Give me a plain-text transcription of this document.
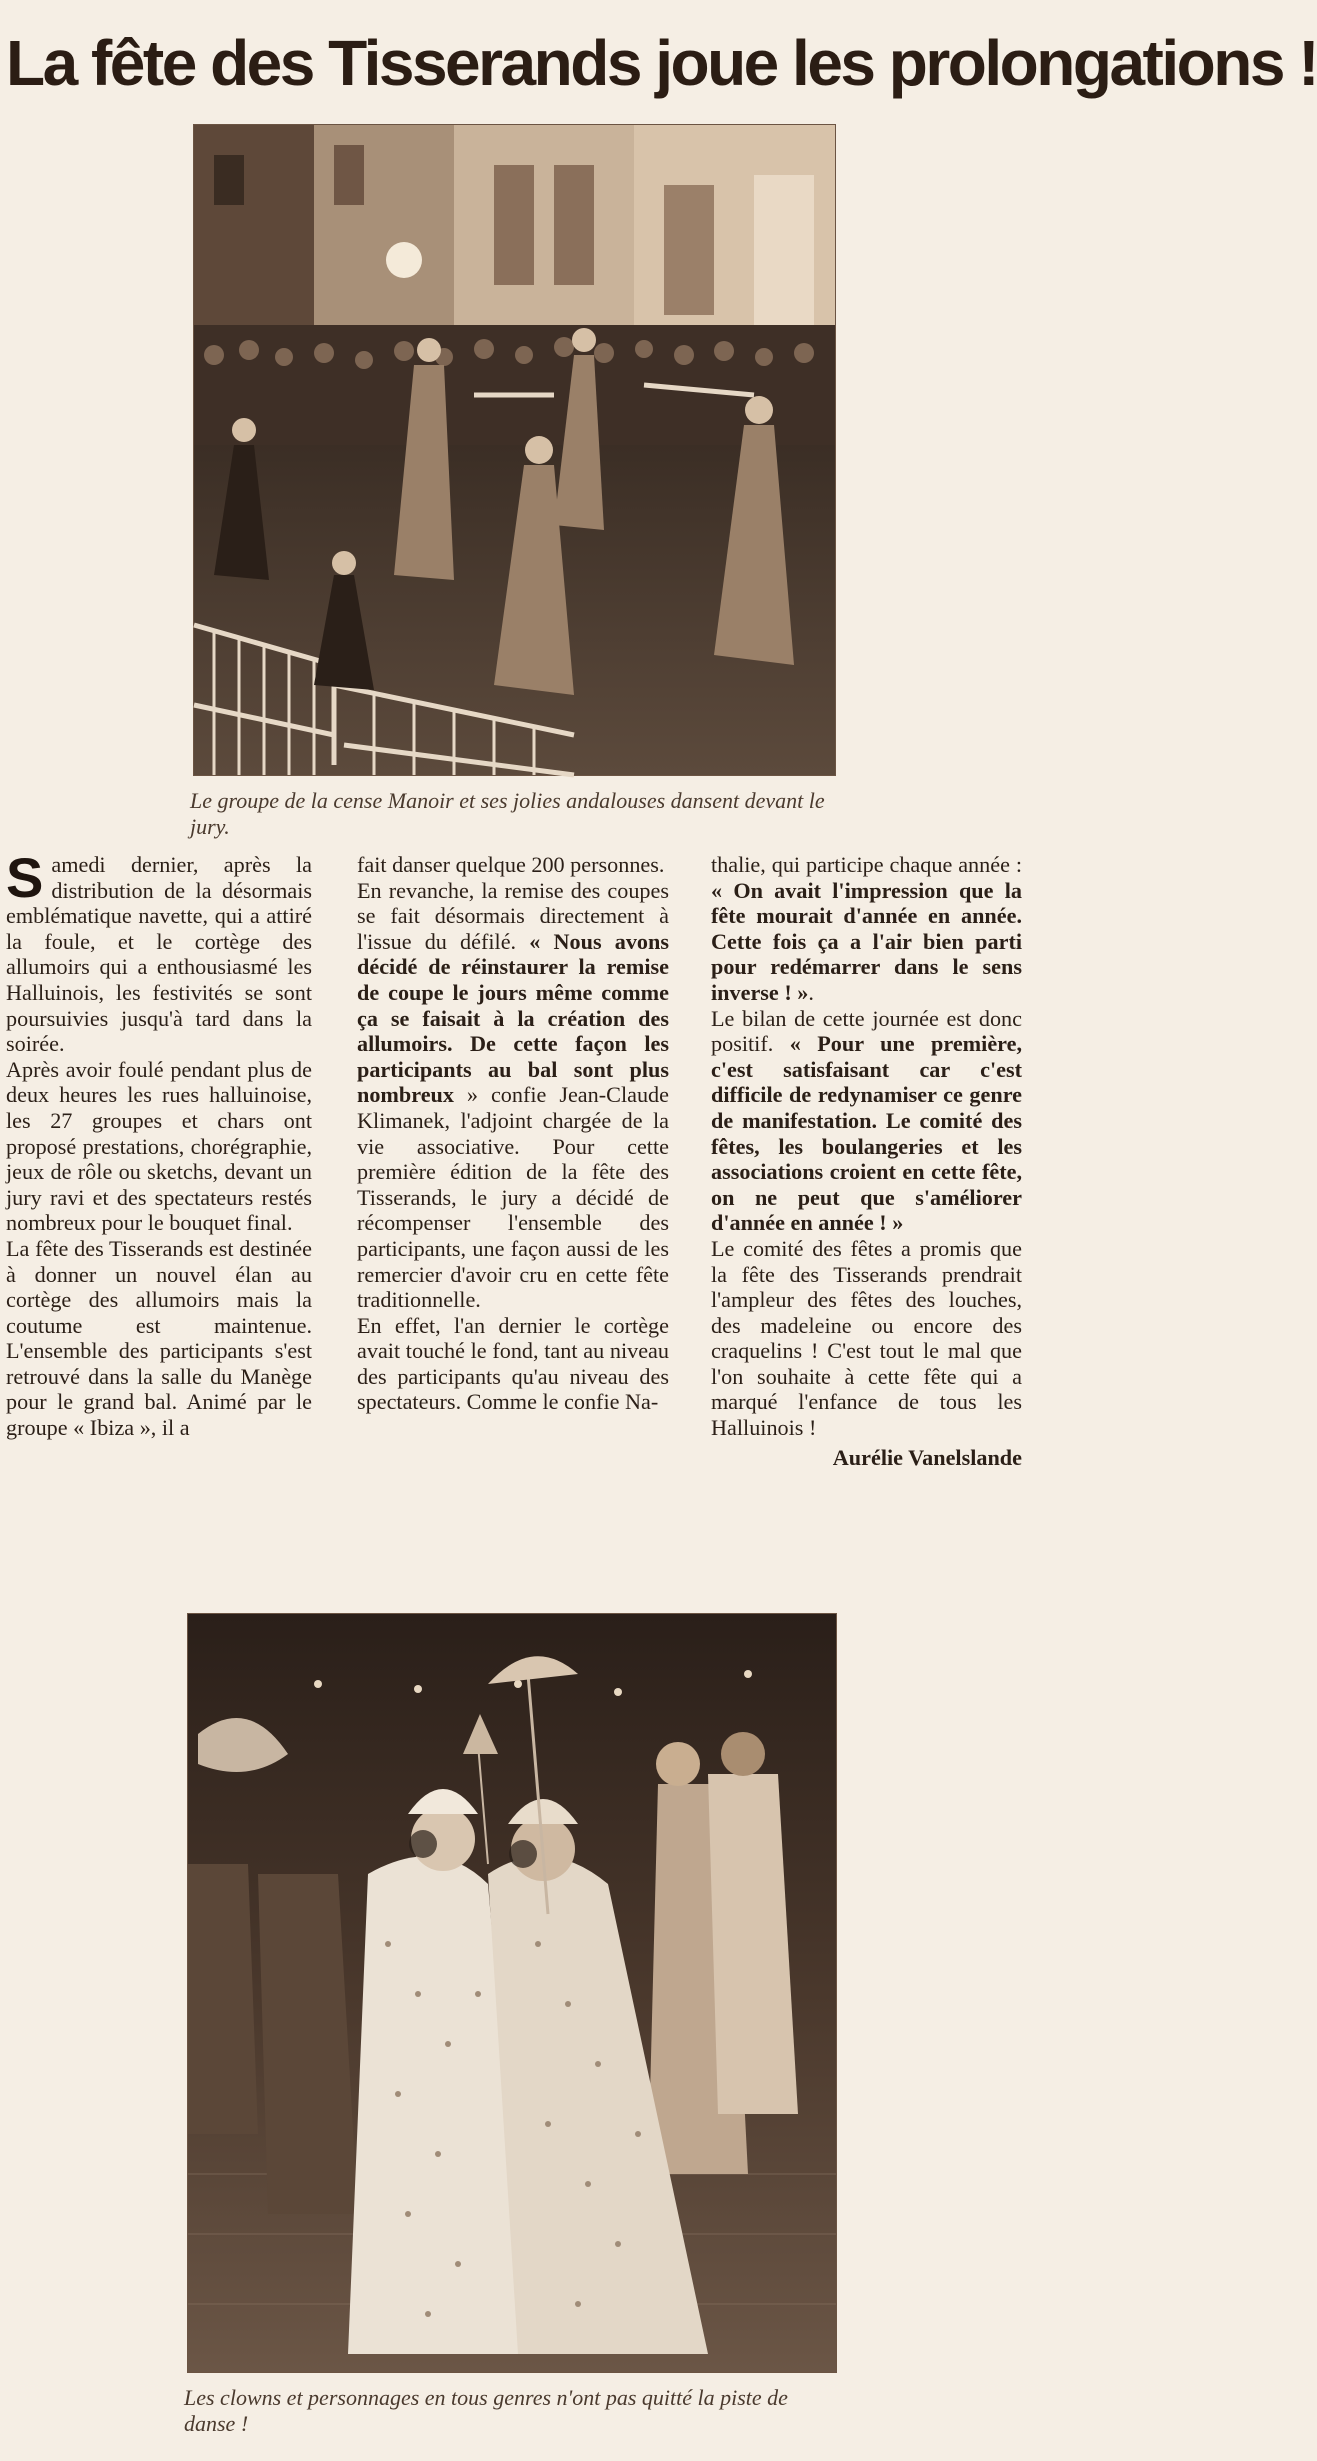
La fête des Tisserands joue les prolongations !
Le groupe de la cense Manoir et ses jolies andalouses dansent devant le jury.

Samedi dernier, après la distribution de la désormais emblématique navette, qui a attiré la foule, et le cortège des allumoirs qui a enthousiasmé les Halluinois, les festivités se sont poursuivies jusqu'à tard dans la soirée.

Après avoir foulé pendant plus de deux heures les rues halluinoise, les 27 groupes et chars ont proposé prestations, chorégraphie, jeux de rôle ou sketchs, devant un jury ravi et des spectateurs restés nombreux pour le bouquet final.

La fête des Tisserands est destinée à donner un nouvel élan au cortège des allumoirs mais la coutume est maintenue. L'ensemble des participants s'est retrouvé dans la salle du Manège pour le grand bal. Animé par le groupe « Ibiza », il a

fait danser quelque 200 personnes.

En revanche, la remise des coupes se fait désormais directement à l'issue du défilé. « Nous avons décidé de réinstaurer la remise de coupe le jours même comme ça se faisait à la création des allumoirs. De cette façon les participants au bal sont plus nombreux » confie Jean-Claude Klimanek, l'adjoint chargée de la vie associative. Pour cette première édition de la fête des Tisserands, le jury a décidé de récompenser l'ensemble des participants, une façon aussi de les remercier d'avoir cru en cette fête traditionnelle.

En effet, l'an dernier le cortège avait touché le fond, tant au niveau des participants qu'au niveau des spectateurs. Comme le confie Na-

thalie, qui participe chaque année : « On avait l'impression que la fête mourait d'année en année. Cette fois ça a l'air bien parti pour redémarrer dans le sens inverse ! ».

Le bilan de cette journée est donc positif. « Pour une première, c'est satisfaisant car c'est difficile de redynamiser ce genre de manifestation. Le comité des fêtes, les boulangeries et les associations croient en cette fête, on ne peut que s'améliorer d'année en année ! »

Le comité des fêtes a promis que la fête des Tisserands prendrait l'ampleur des fêtes des louches, des madeleine ou encore des craquelins ! C'est tout le mal que l'on souhaite à cette fête qui a marqué l'enfance de tous les Halluinois !

Aurélie Vanelslande

Les clowns et personnages en tous genres n'ont pas quitté la piste de danse !
